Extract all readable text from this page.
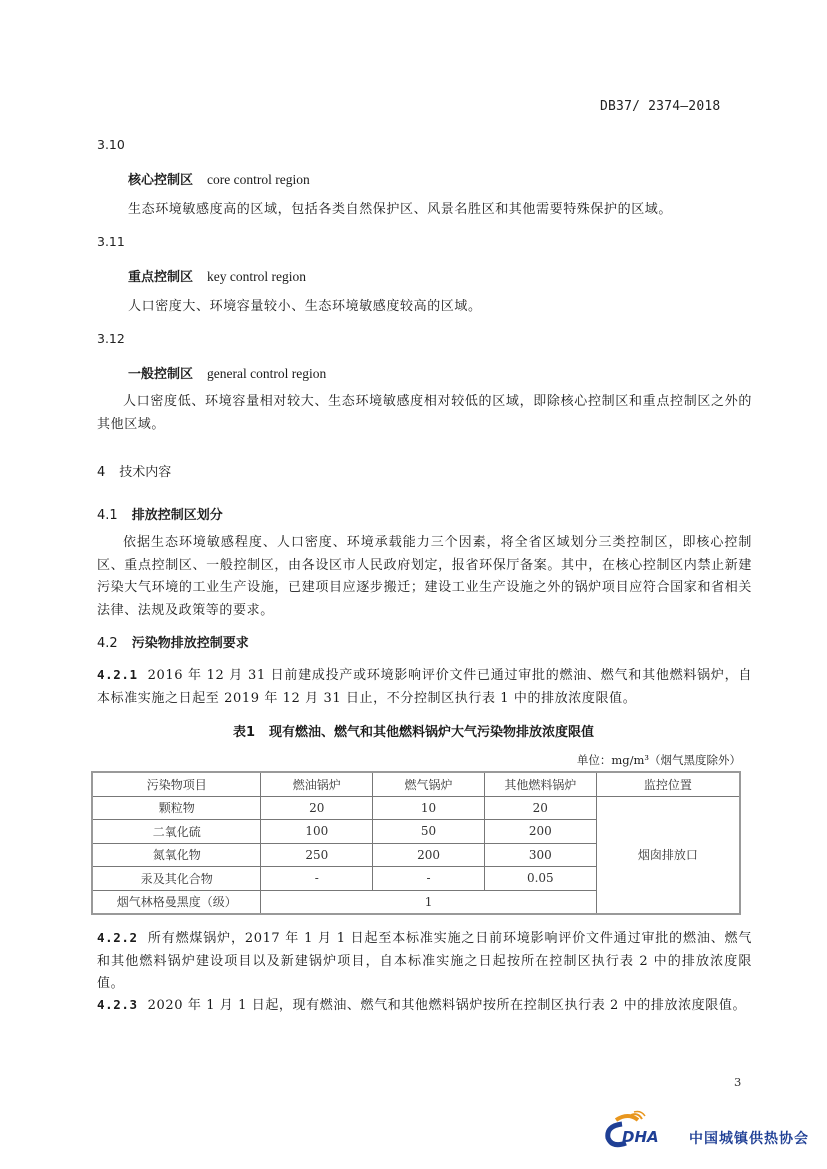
DB37/ 2374—2018
3.10
核心控制区 core control region
生态环境敏感度高的区域，包括各类自然保护区、风景名胜区和其他需要特殊保护的区域。
3.11
重点控制区 key control region
人口密度大、环境容量较小、生态环境敏感度较高的区域。
3.12
一般控制区 general control region
人口密度低、环境容量相对较大、生态环境敏感度相对较低的区域，即除核心控制区和重点控制区之外的其他区域。
4 技术内容
4.1 排放控制区划分
依据生态环境敏感程度、人口密度、环境承载能力三个因素，将全省区域划分三类控制区，即核心控制区、重点控制区、一般控制区，由各设区市人民政府划定，报省环保厅备案。其中，在核心控制区内禁止新建污染大气环境的工业生产设施，已建项目应逐步搬迁；建设工业生产设施之外的锅炉项目应符合国家和省相关法律、法规及政策等的要求。
4.2 污染物排放控制要求
4.2.1 2016 年 12 月 31 日前建成投产或环境影响评价文件已通过审批的燃油、燃气和其他燃料锅炉，自本标准实施之日起至 2019 年 12 月 31 日止，不分控制区执行表 1 中的排放浓度限值。
表1 现有燃油、燃气和其他燃料锅炉大气污染物排放浓度限值
单位：mg/m³（烟气黑度除外）
污染物项目	燃油锅炉	燃气锅炉	其他燃料锅炉	监控位置
颗粒物	20	10	20	烟囱排放口
二氧化硫	100	50	200	
氮氧化物	250	200	300	
汞及其化合物	-	-	0.05	
烟气林格曼黑度（级）	1			
4.2.2 所有燃煤锅炉，2017 年 1 月 1 日起至本标准实施之日前环境影响评价文件通过审批的燃油、燃气和其他燃料锅炉建设项目以及新建锅炉项目，自本标准实施之日起按所在控制区执行表 2 中的排放浓度限值。
4.2.3 2020 年 1 月 1 日起，现有燃油、燃气和其他燃料锅炉按所在控制区执行表 2 中的排放浓度限值。
3
DHA 中国城镇供热协会
